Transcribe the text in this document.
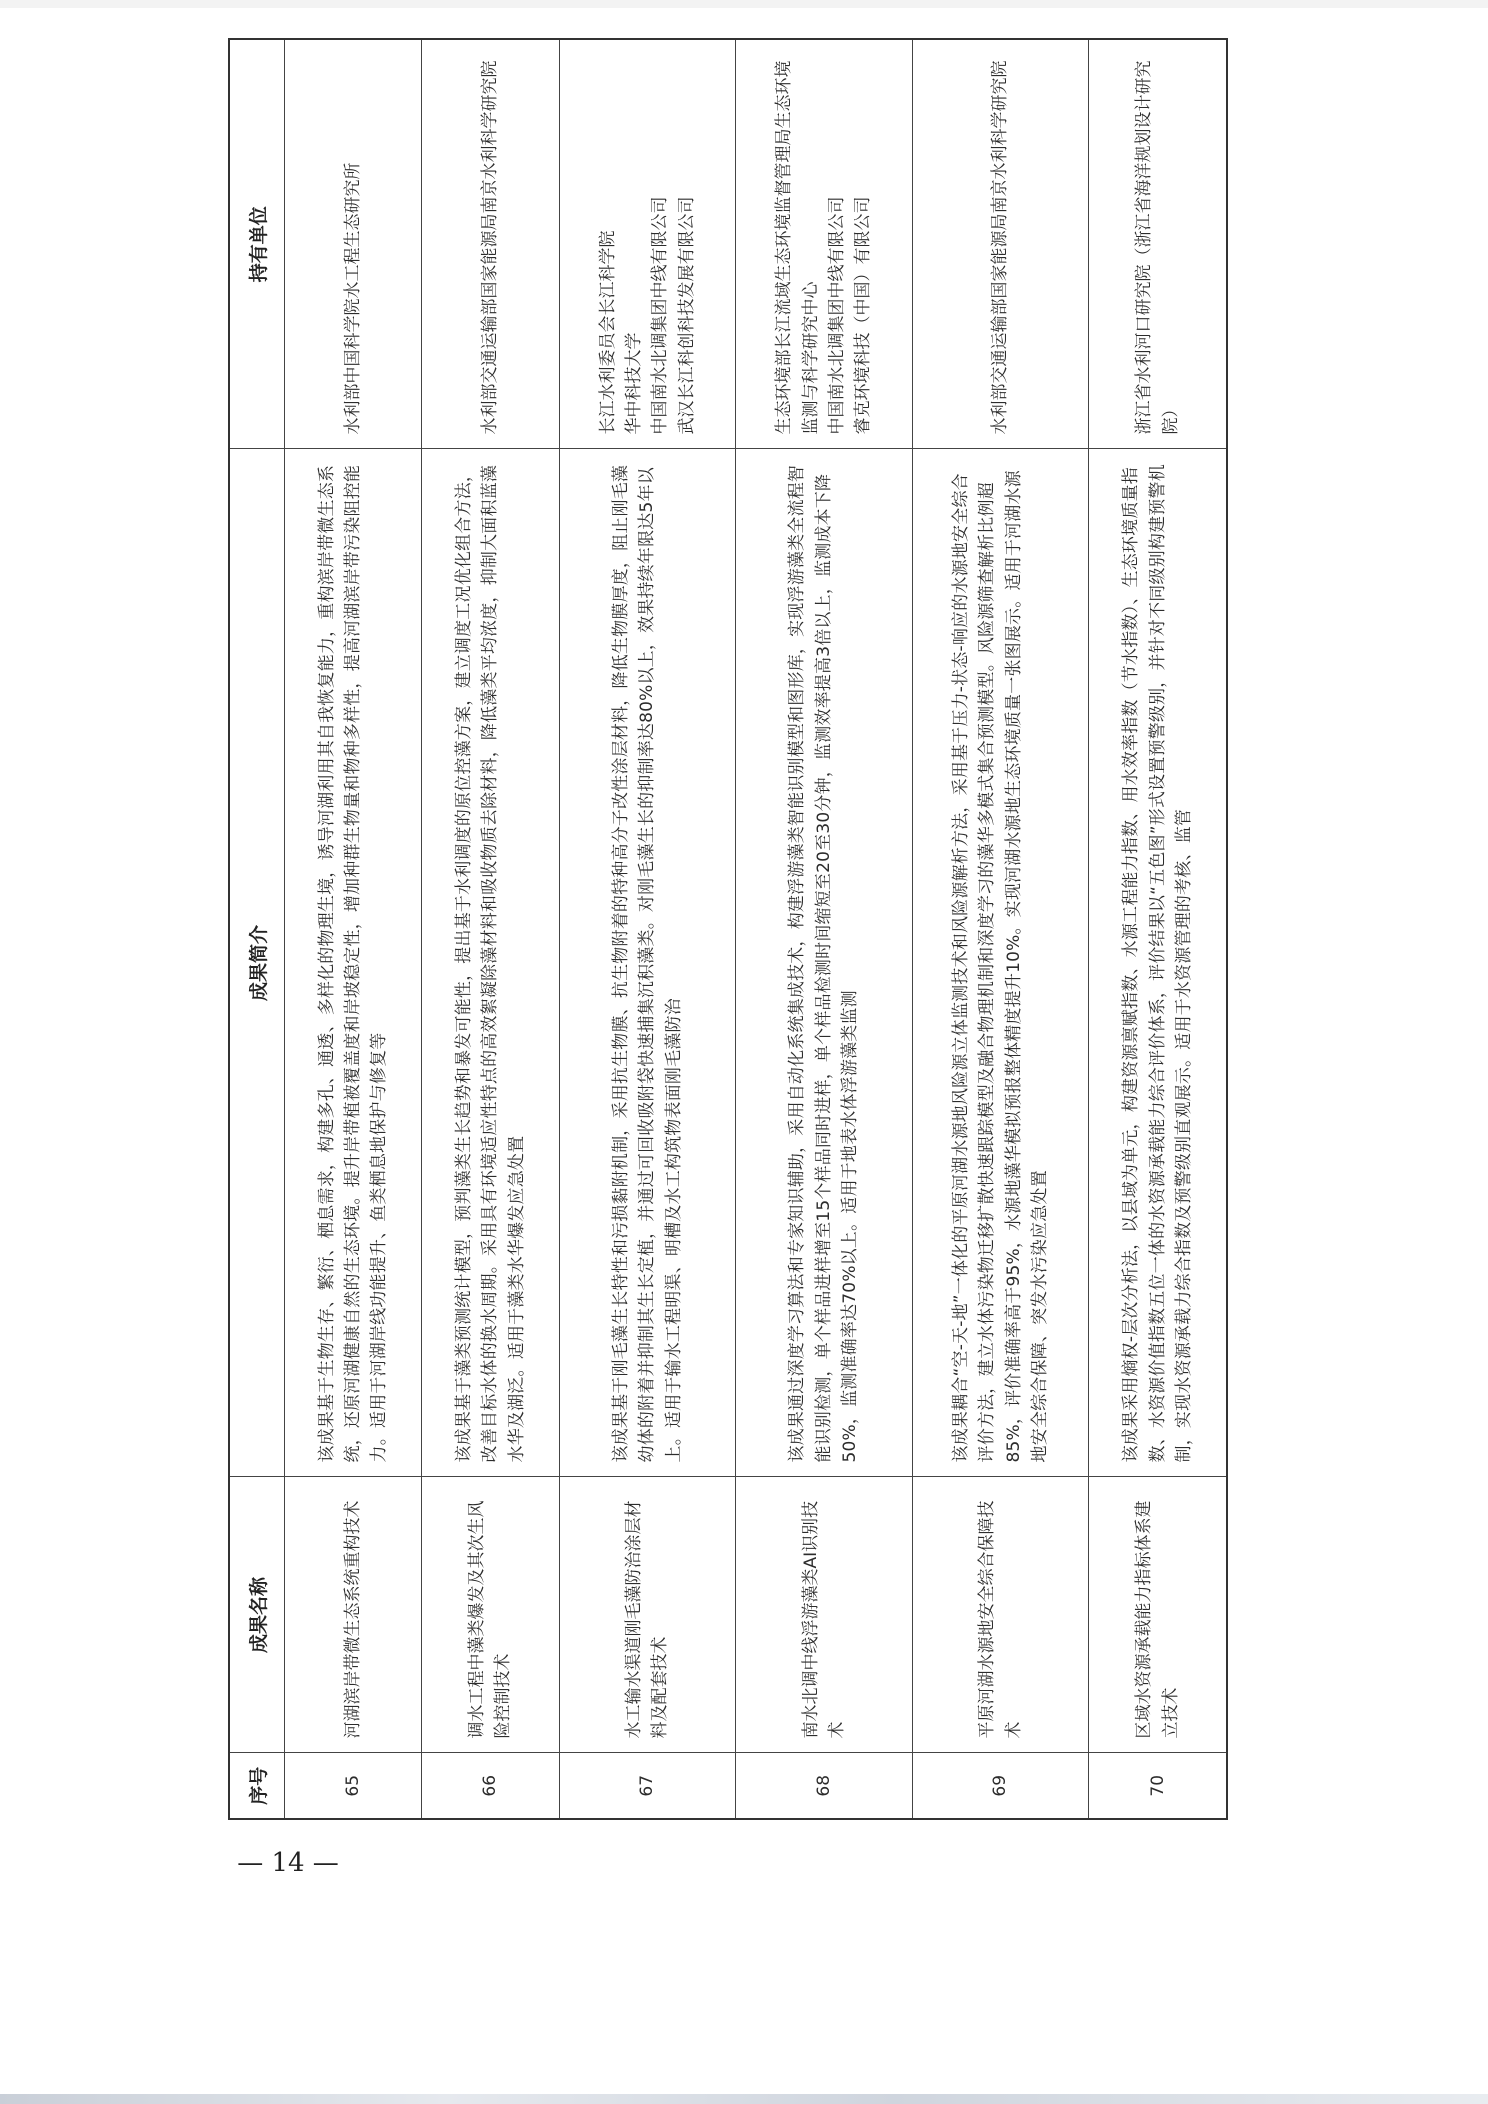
序号	成果名称	成果简介	持有单位
65	河湖滨岸带微生态系统重构技术	该成果基于生物生存、繁衍、栖息需求，构建多孔、通透、多样化的物理生境，诱导河湖利用其自我恢复能力，重构滨岸带微生态系统，还原河湖健康自然的生态环境。提升岸带植被覆盖度和岸坡稳定性，增加种群生物量和物种多样性，提高河湖滨岸带污染阻控能力。适用于河湖岸线功能提升、鱼类栖息地保护与修复等	水利部中国科学院水工程生态研究所
66	调水工程中藻类爆发及其次生风险控制技术	该成果基于藻类预测统计模型，预判藻类生长趋势和暴发可能性，提出基于水利调度的原位控藻方案，建立调度工况优化组合方法，改善目标水体的换水周期。采用具有环境适应性特点的高效絮凝除藻材料和吸收物质去除材料，降低藻类平均浓度，抑制大面积蓝藻水华及湖泛。适用于藻类水华爆发应急处置	水利部交通运输部国家能源局南京水利科学研究院
67	水工输水渠道刚毛藻防治涂层材料及配套技术	该成果基于刚毛藻生长特性和污损黏附机制，采用抗生物膜、抗生物附着的特种高分子改性涂层材料，降低生物膜厚度，阻止刚毛藻幼体的附着并抑制其生长定植，并通过可回收吸附袋快速捕集沉积藻类。对刚毛藻生长的抑制率达80%以上，效果持续年限达5年以上。适用于输水工程明渠、明槽及水工构筑物表面刚毛藻防治	长江水利委员会长江科学院
华中科技大学
中国南水北调集团中线有限公司
武汉长江科创科技发展有限公司
68	南水北调中线浮游藻类AI识别技术	该成果通过深度学习算法和专家知识辅助，采用自动化系统集成技术，构建浮游藻类智能识别模型和图形库，实现浮游藻类全流程智能识别检测，单个样品进样增至15个样品同时进样，单个样品检测时间缩短至20至30分钟，监测效率提高3倍以上，监测成本下降50%，监测准确率达70%以上。适用于地表水体浮游藻类监测	生态环境部长江流域生态环境监督管理局生态环境监测与科学研究中心
中国南水北调集团中线有限公司
睿克环境科技（中国）有限公司
69	平原河湖水源地安全综合保障技术	该成果耦合“空-天-地”一体化的平原河湖水源地风险源立体监测技术和风险源解析方法，采用基于压力-状态-响应的水源地安全综合评价方法，建立水体污染物迁移扩散快速跟踪模型及融合物理机制和深度学习的藻华多模式集合预测模型。风险源筛查解析比例超85%，评价准确率高于95%，水源地藻华模拟预报整体精度提升10%。实现河湖水源地生态环境质量一张图展示。适用于河湖水源地安全综合保障、突发水污染应急处置	水利部交通运输部国家能源局南京水利科学研究院
70	区域水资源承载能力指标体系建立技术	该成果采用熵权-层次分析法，以县域为单元，构建资源禀赋指数、水源工程能力指数、用水效率指数（节水指数）、生态环境质量指数、水资源价值指数五位一体的水资源承载能力综合评价体系，评价结果以“五色图”形式设置预警级别，并针对不同级别构建预警机制，实现水资源承载力综合指数及预警级别直观展示。适用于水资源管理的考核、监管	浙江省水利河口研究院（浙江省海洋规划设计研究院）
— 14 —
